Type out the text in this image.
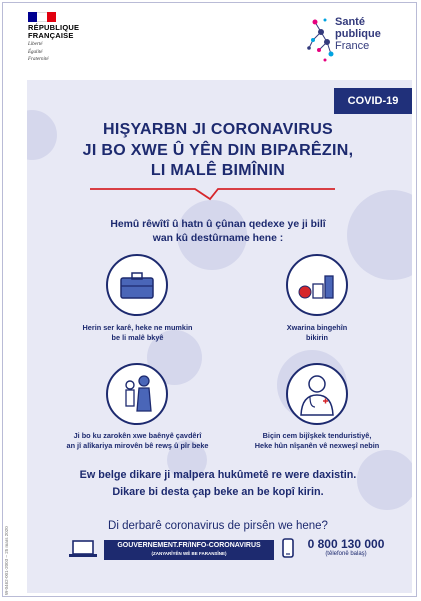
RÉPUBLIQUE
FRANÇAISE
Liberté
Égalité
Fraternité
Santé
publique
France
COVID-19
HIŞYARBN JI CORONAVIRUS
JI BO XWE Û YÊN DIN BIPARÊZIN,
LI MALÊ BIMÎNIN
Hemû rêwîtî û hatn û çûnan qedexe ye ji bilî
wan kû destûrname hene :
Herin ser karê, heke ne mumkin
be li malê bkyê
Xwarina bingehîn
bikirin
Ji bo ku zarokên xwe baênyê çavdêrî
an jî alîkariya mirovên bê rewş û pîr beke
Biçin cem bijîşkek tenduristiyê,
Heke hûn nîşanên vê nexweşî nebin
Ew belge dikare ji malpera hukûmetê re were daxistin.
Dikare bi desta çap beke an be kopî kirin.
Di derbarê coronavirus de pirsên we hene?
GOUVERNEMENT.FR/INFO-CORONAVIRUS
(ZANYARÎYÊN WÊ BE FARANSÎNE)
0 800 130 000
(têlefonê balaş)
W-0462-001-2003 – 25 mars 2020
